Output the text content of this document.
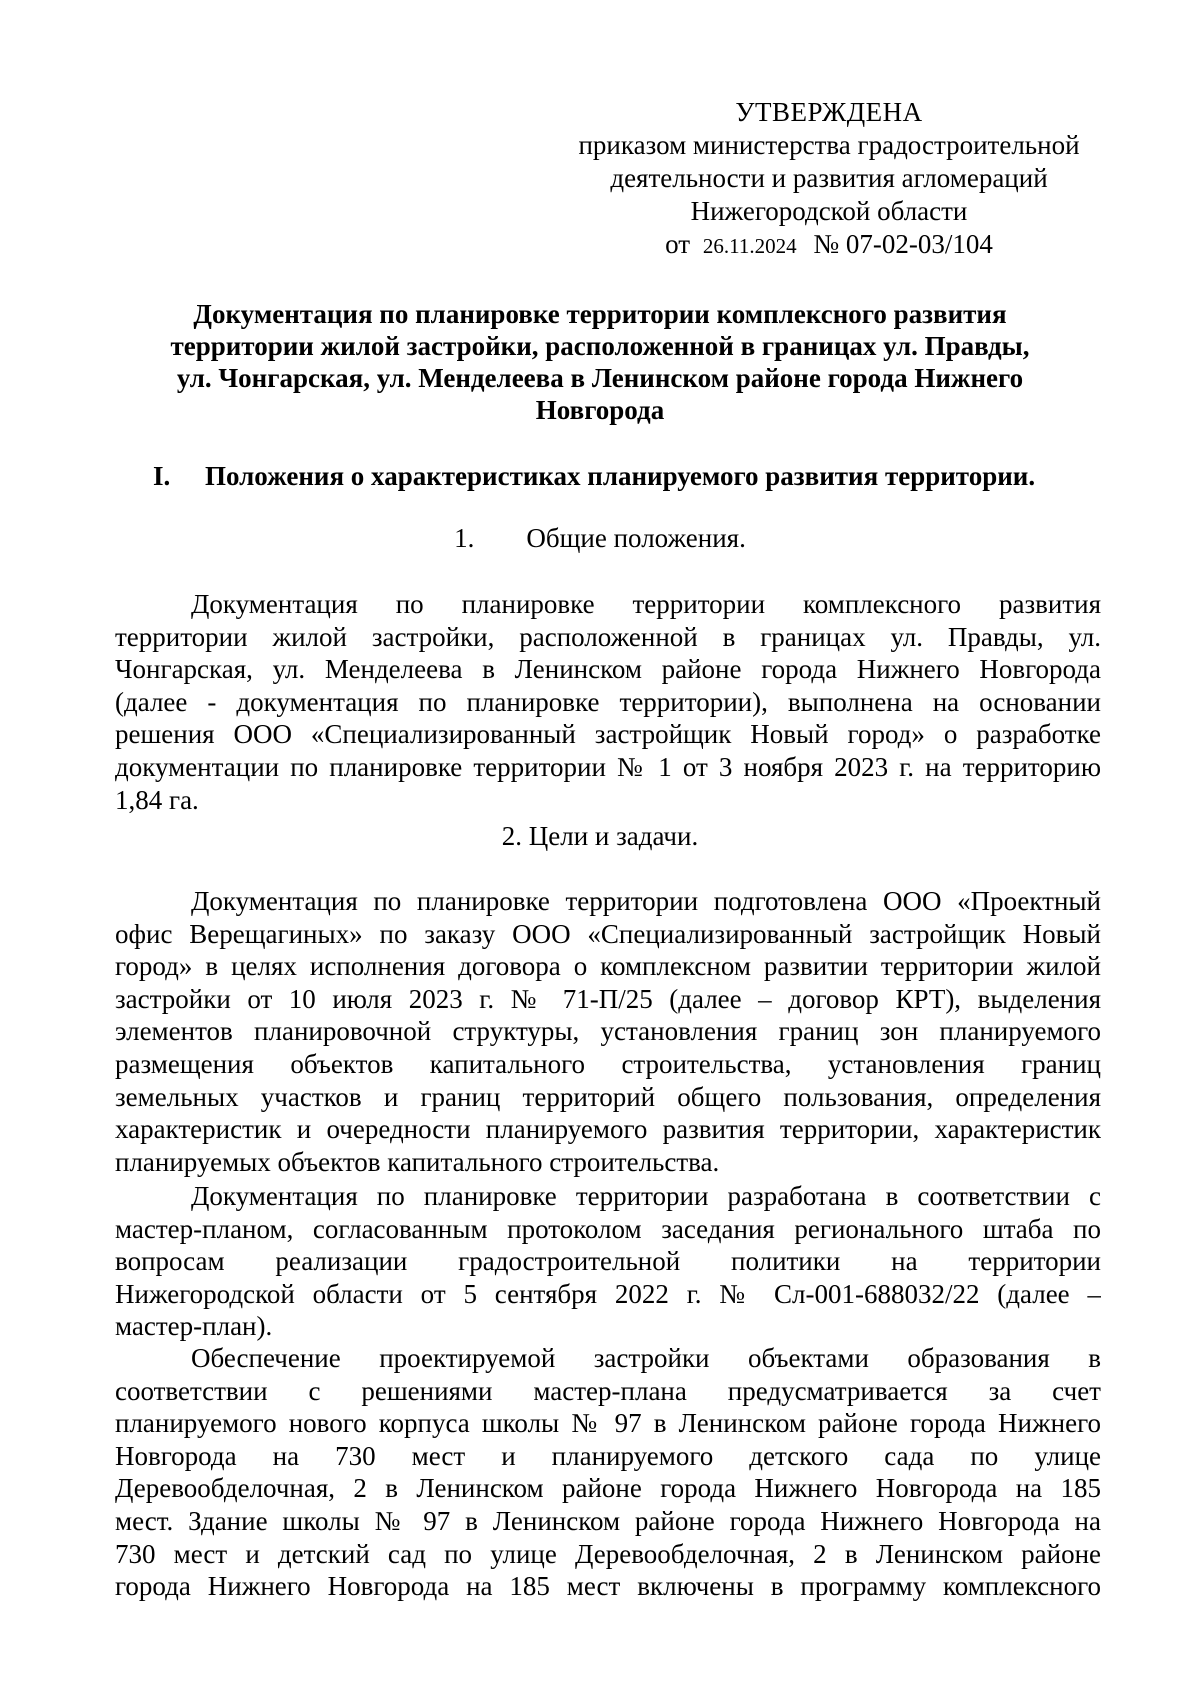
УТВЕРЖДЕНА
приказом министерства градостроительной
деятельности и развития агломераций
Нижегородской области
от 26.11.2024 № 07-02-03/104
Документация по планировке территории комплексного развития
территории жилой застройки, расположенной в границах ул. Правды,
ул. Чонгарская, ул. Менделеева в Ленинском районе города Нижнего
Новгорода
I. Положения о характеристиках планируемого развития территории.
1. Общие положения.
Документация по планировке территории комплексного развития
территории жилой застройки, расположенной в границах ул. Правды, ул.
Чонгарская, ул. Менделеева в Ленинском районе города Нижнего Новгорода
(далее - документация по планировке территории), выполнена на основании
решения ООО «Специализированный застройщик Новый город» о разработке
документации по планировке территории № 1 от 3 ноября 2023 г. на территорию
1,84 га.
2. Цели и задачи.
Документация по планировке территории подготовлена ООО «Проектный
офис Верещагиных» по заказу ООО «Специализированный застройщик Новый
город» в целях исполнения договора о комплексном развитии территории жилой
застройки от 10 июля 2023 г. № 71-П/25 (далее – договор КРТ), выделения
элементов планировочной структуры, установления границ зон планируемого
размещения объектов капитального строительства, установления границ
земельных участков и границ территорий общего пользования, определения
характеристик и очередности планируемого развития территории, характеристик
планируемых объектов капитального строительства.
Документация по планировке территории разработана в соответствии с
мастер-планом, согласованным протоколом заседания регионального штаба по
вопросам реализации градостроительной политики на территории
Нижегородской области от 5 сентября 2022 г. № Сл-001-688032/22 (далее –
мастер-план).
Обеспечение проектируемой застройки объектами образования в
соответствии с решениями мастер-плана предусматривается за счет
планируемого нового корпуса школы № 97 в Ленинском районе города Нижнего
Новгорода на 730 мест и планируемого детского сада по улице
Деревообделочная, 2 в Ленинском районе города Нижнего Новгорода на 185
мест. Здание школы № 97 в Ленинском районе города Нижнего Новгорода на
730 мест и детский сад по улице Деревообделочная, 2 в Ленинском районе
города Нижнего Новгорода на 185 мест включены в программу комплексного
